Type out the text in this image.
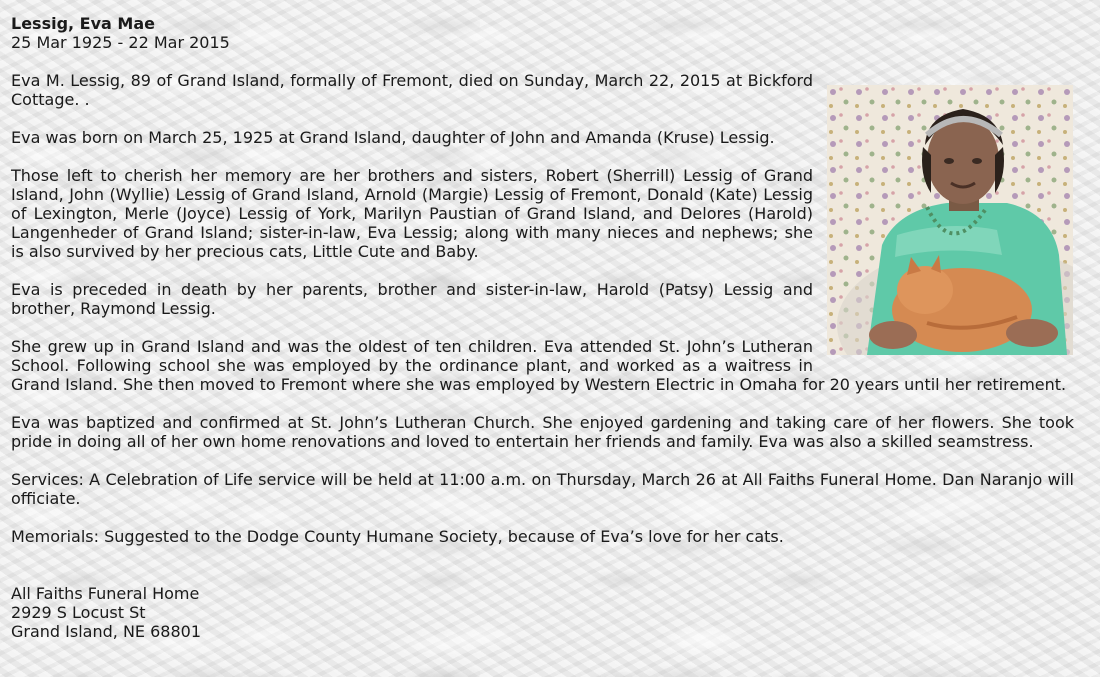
Lessig, Eva Mae
25 Mar 1925 - 22 Mar 2015

Eva M. Lessig, 89 of Grand Island, formally of Fremont, died on Sunday, March 22, 2015 at Bickford Cottage. .

Eva was born on March 25, 1925 at Grand Island, daughter of John and Amanda (Kruse) Lessig.

Those left to cherish her memory are her brothers and sisters, Robert (Sherrill) Lessig of Grand Island, John (Wyllie) Lessig of Grand Island, Arnold (Margie) Lessig of Fremont, Donald (Kate) Lessig of Lexington, Merle (Joyce) Lessig of York, Marilyn Paustian of Grand Island, and Delores (Harold) Langenheder of Grand Island; sister-in-law, Eva Lessig; along with many nieces and nephews; she is also survived by her precious cats, Little Cute and Baby.

Eva is preceded in death by her parents, brother and sister-in-law, Harold (Patsy) Lessig and brother, Raymond Lessig.

She grew up in Grand Island and was the oldest of ten children. Eva attended St. John’s Lutheran School. Following school she was employed by the ordinance plant, and worked as a waitress in Grand Island. She then moved to Fremont where she was employed by Western Electric in Omaha for 20 years until her retirement.

Eva was baptized and confirmed at St. John’s Lutheran Church. She enjoyed gardening and taking care of her flowers. She took pride in doing all of her own home renovations and loved to entertain her friends and family. Eva was also a skilled seamstress.

Services: A Celebration of Life service will be held at 11:00 a.m. on Thursday, March 26 at All Faiths Funeral Home. Dan Naranjo will officiate.

Memorials: Suggested to the Dodge County Humane Society, because of Eva’s love for her cats.

All Faiths Funeral Home

2929 S Locust St

Grand Island, NE 68801
